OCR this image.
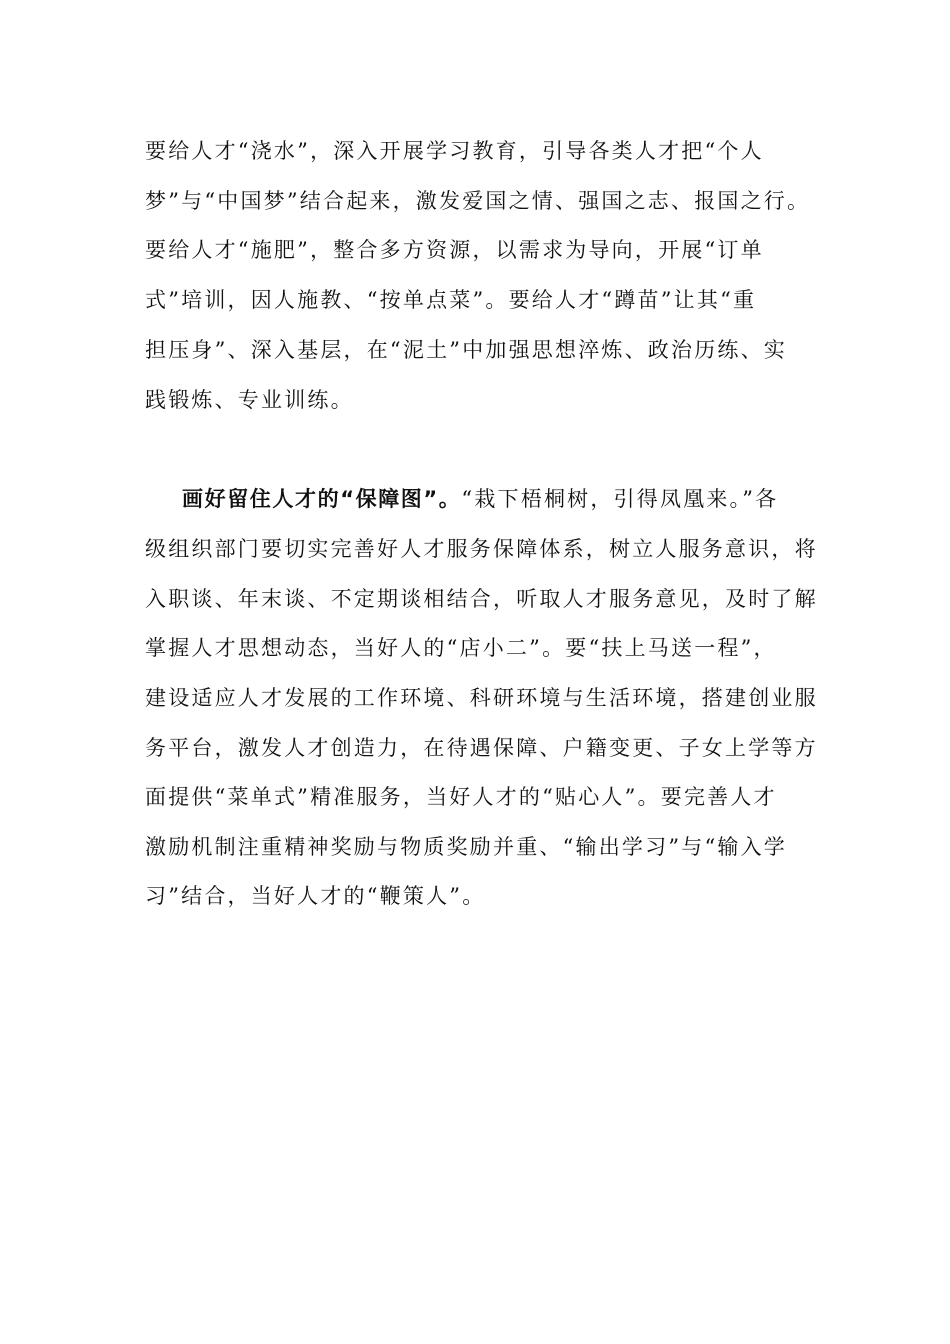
要给人才“浇水”，深入开展学习教育，引导各类人才把“个人
梦”与“中国梦”结合起来，激发爱国之情、强国之志、报国之行。
要给人才“施肥”，整合多方资源，以需求为导向，开展“订单
式”培训，因人施教、“按单点菜”。要给人才“蹲苗”让其“重
担压身”、深入基层，在“泥土”中加强思想淬炼、政治历练、实
践锻炼、专业训练。
画好留住人才的“保障图”。“栽下梧桐树，引得凤凰来。”各
级组织部门要切实完善好人才服务保障体系，树立人服务意识，将
入职谈、年末谈、不定期谈相结合，听取人才服务意见，及时了解
掌握人才思想动态，当好人的“店小二”。要“扶上马送一程”，
建设适应人才发展的工作环境、科研环境与生活环境，搭建创业服
务平台，激发人才创造力，在待遇保障、户籍变更、子女上学等方
面提供“菜单式”精准服务，当好人才的“贴心人”。要完善人才
激励机制注重精神奖励与物质奖励并重、“输出学习”与“输入学
习”结合，当好人才的“鞭策人”。
